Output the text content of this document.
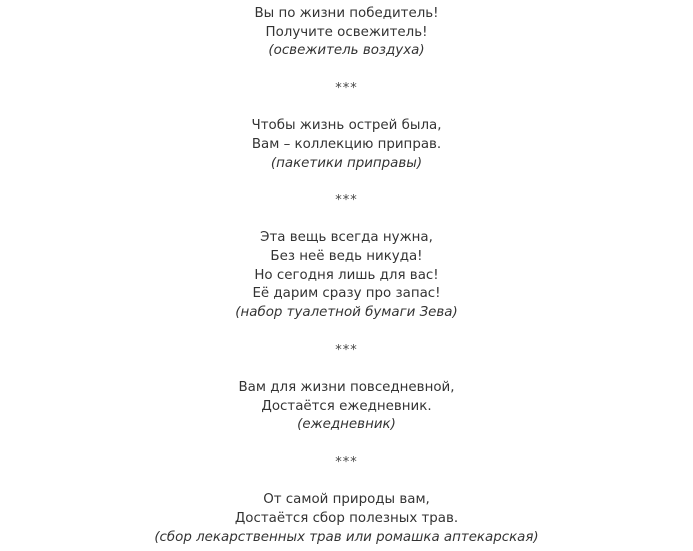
Вы по жизни победитель!
Получите освежитель!
(освежитель воздуха)
***
Чтобы жизнь острей была,
Вам – коллекцию приправ.
(пакетики приправы)
***
Эта вещь всегда нужна,
Без неё ведь никуда!
Но сегодня лишь для вас!
Её дарим сразу про запас!
(набор туалетной бумаги Зева)
***
Вам для жизни повседневной,
Достаётся ежедневник.
(ежедневник)
***
От самой природы вам,
Достаётся сбор полезных трав.
(сбор лекарственных трав или ромашка аптекарская)
